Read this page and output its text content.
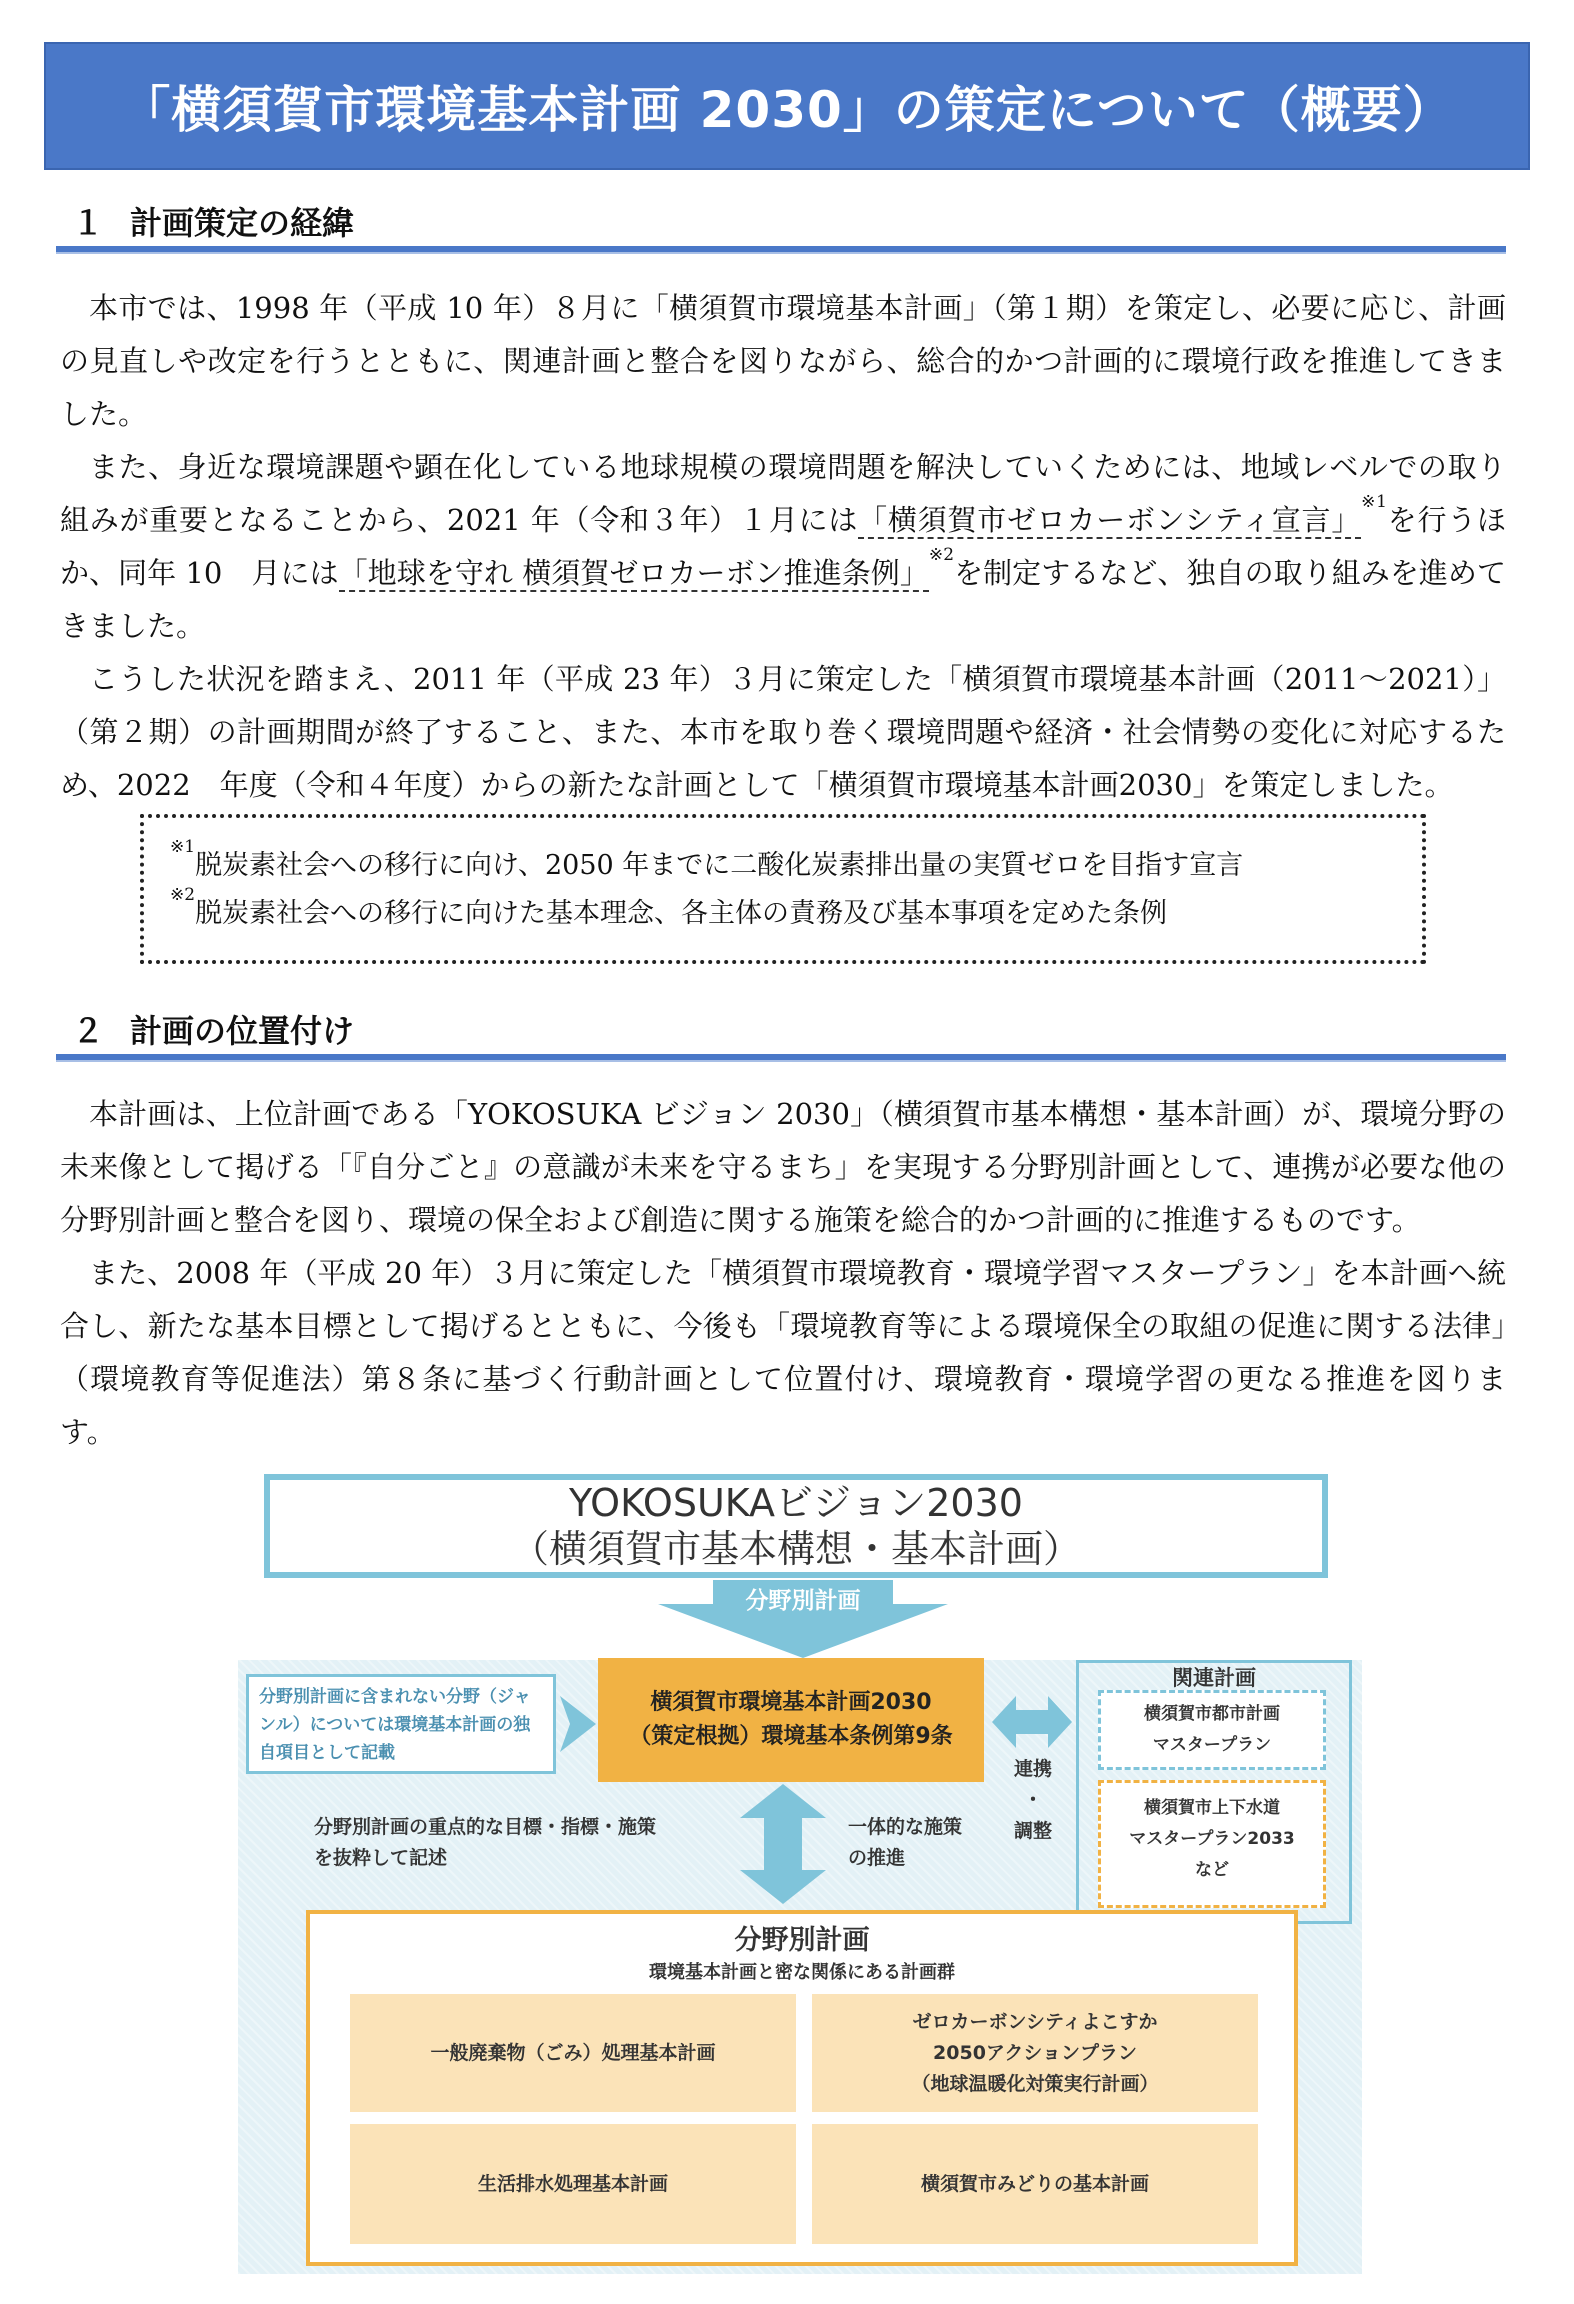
「横須賀市環境基本計画 2030」の策定について（概要）
１ 計画策定の経緯

本市では、1998 年（平成 10 年）８月に「横須賀市環境基本計画」（第１期）を策定し、必要に応じ、計画の見直しや改定を行うとともに、関連計画と整合を図りながら、総合的かつ計画的に環境行政を推進してきました。

また、身近な環境課題や顕在化している地球規模の環境問題を解決していくためには、地域レベルでの取り組みが重要となることから、2021 年（令和３年）１月には「横須賀市ゼロカーボンシティ宣言」$^{※1}$を行うほか、同年 10　月には「地球を守れ 横須賀ゼロカーボン推進条例」$^{※2}$を制定するなど、独自の取り組みを進めてきました。

こうした状況を踏まえ、2011 年（平成 23 年）３月に策定した「横須賀市環境基本計画（2011〜2021）」（第２期）の計画期間が終了すること、また、本市を取り巻く環境問題や経済・社会情勢の変化に対応するため、2022　年度（令和４年度）からの新たな計画として「横須賀市環境基本計画2030」を策定しました。

$^{※1}$脱炭素社会への移行に向け、2050 年までに二酸化炭素排出量の実質ゼロを目指す宣言
$^{※2}$脱炭素社会への移行に向けた基本理念、各主体の責務及び基本事項を定めた条例
２ 計画の位置付け

本計画は、上位計画である「YOKOSUKA ビジョン 2030」（横須賀市基本構想・基本計画）が、環境分野の未来像として掲げる「『自分ごと』の意識が未来を守るまち」を実現する分野別計画として、連携が必要な他の分野別計画と整合を図り、環境の保全および創造に関する施策を総合的かつ計画的に推進するものです。

また、2008 年（平成 20 年）３月に策定した「横須賀市環境教育・環境学習マスタープラン」を本計画へ統合し、新たな基本目標として掲げるとともに、今後も「環境教育等による環境保全の取組の促進に関する法律」（環境教育等促進法）第８条に基づく行動計画として位置付け、環境教育・環境学習の更なる推進を図ります。

YOKOSUKAビジョン2030
（横須賀市基本構想・基本計画）
分野別計画
分野別計画に含まれない分野（ジャンル）については環境基本計画の独自項目として記載
横須賀市環境基本計画2030
（策定根拠）環境基本条例第9条
連携
・
調整
関連計画
横須賀市都市計画
マスタープラン
横須賀市上下水道
マスタープラン2033
など
分野別計画の重点的な目標・指標・施策
を抜粋して記述
一体的な施策
の推進
分野別計画
環境基本計画と密な関係にある計画群
一般廃棄物（ごみ）処理基本計画
ゼロカーボンシティよこすか
2050アクションプラン
（地球温暖化対策実行計画）
生活排水処理基本計画	横須賀市みどりの基本計画
